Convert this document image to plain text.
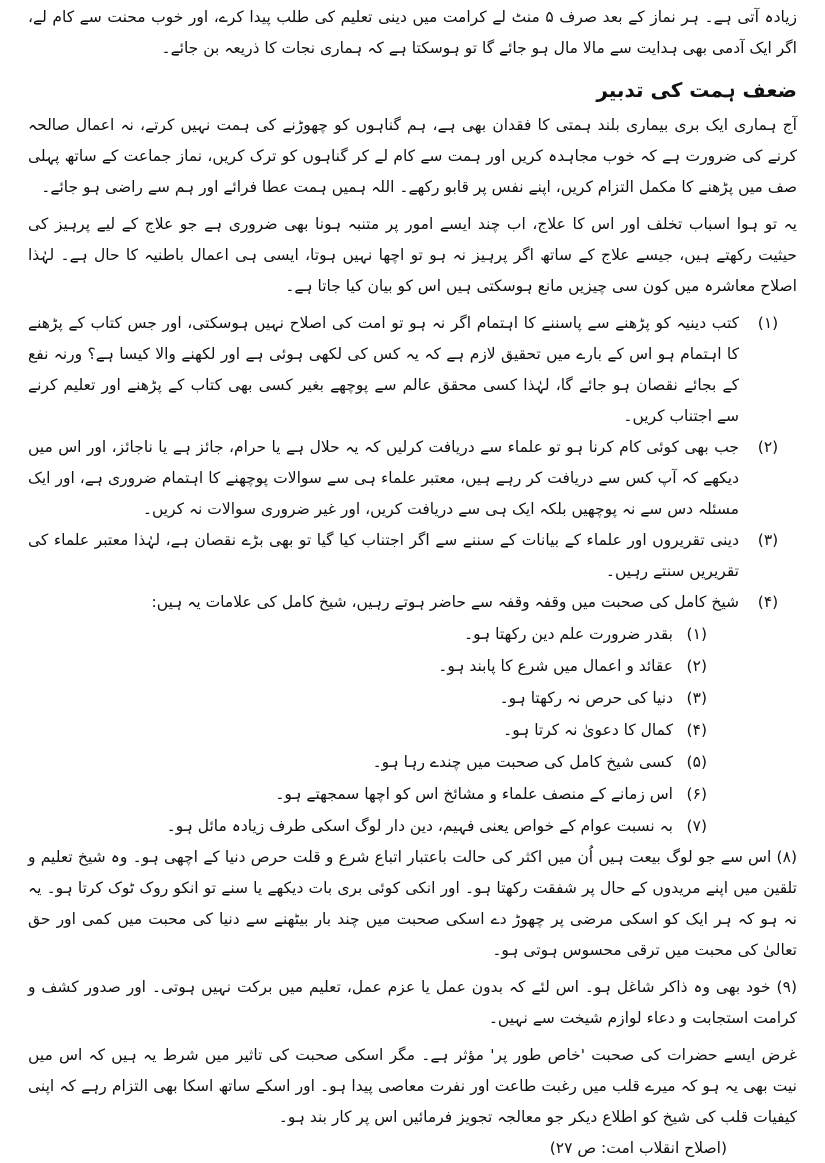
زیادہ آتی ہے۔ ہر نماز کے بعد صرف ۵ منٹ لے کرامت میں دینی تعلیم کی طلب پیدا کرے، اور خوب محنت سے کام لے، اگر ایک آدمی بھی ہدایت سے مالا مال ہو جائے گا تو ہوسکتا ہے کہ ہماری نجات کا ذریعہ بن جائے۔

ضعف ہمت کی تدبیر

آج ہماری ایک بری بیماری بلند ہمتی کا فقدان بھی ہے، ہم گناہوں کو چھوڑنے کی ہمت نہیں کرتے، نہ اعمال صالحہ کرنے کی ضرورت ہے کہ خوب مجاہدہ کریں اور ہمت سے کام لے کر گناہوں کو ترک کریں، نماز جماعت کے ساتھ پہلی صف میں پڑھنے کا مکمل التزام کریں، اپنے نفس پر قابو رکھے۔ اللہ ہمیں ہمت عطا فرائے اور ہم سے راضی ہو جائے۔

یہ تو ہوا اسباب تخلف اور اس کا علاج، اب چند ایسے امور پر متنبہ ہونا بھی ضروری ہے جو علاج کے لیے پرہیز کی حیثیت رکھتے ہیں، جیسے علاج کے ساتھ اگر پرہیز نہ ہو تو اچھا نہیں ہوتا، ایسی ہی اعمال باطنیہ کا حال ہے۔ لہٰذا اصلاح معاشرہ میں کون سی چیزیں مانع ہوسکتی ہیں اس کو بیان کیا جاتا ہے۔

(۱)
کتب دینیہ کو پڑھنے سے پاسننے کا اہتمام اگر نہ ہو تو امت کی اصلاح نہیں ہوسکتی، اور جس کتاب کے پڑھنے کا اہتمام ہو اس کے بارے میں تحقیق لازم ہے کہ یہ کس کی لکھی ہوئی ہے اور لکھنے والا کیسا ہے؟ ورنہ نفع کے بجائے نقصان ہو جائے گا، لہٰذا کسی محقق عالم سے پوچھے بغیر کسی بھی کتاب کے پڑھنے اور تعلیم کرنے سے اجتناب کریں۔
(۲)
جب بھی کوئی کام کرنا ہو تو علماء سے دریافت کرلیں کہ یہ حلال ہے یا حرام، جائز ہے یا ناجائز، اور اس میں دیکھے کہ آپ کس سے دریافت کر رہے ہیں، معتبر علماء ہی سے سوالات پوچھنے کا اہتمام ضروری ہے، اور ایک مسئلہ دس سے نہ پوچھیں بلکہ ایک ہی سے دریافت کریں، اور غیر ضروری سوالات نہ کریں۔
(۳)
دینی تقریروں اور علماء کے بیانات کے سننے سے اگر اجتناب کیا گیا تو بھی بڑے نقصان ہے، لہٰذا معتبر علماء کی تقریریں سنتے رہیں۔
(۴)
شیخ کامل کی صحبت میں وقفہ وقفہ سے حاضر ہوتے رہیں، شیخ کامل کی علامات یہ ہیں:
(۱)بقدر ضرورت علم دین رکھتا ہو۔
(۲)عقائد و اعمال میں شرع کا پابند ہو۔
(۳)دنیا کی حرص نہ رکھتا ہو۔
(۴)کمال کا دعویٰ نہ کرتا ہو۔
(۵)کسی شیخ کامل کی صحبت میں چندے رہا ہو۔
(۶)اس زمانے کے منصف علماء و مشائخ اس کو اچھا سمجھتے ہو۔
(۷)بہ نسبت عوام کے خواص یعنی فہیم، دین دار لوگ اسکی طرف زیادہ مائل ہو۔

(۸) اس سے جو لوگ بیعت ہیں اُن میں اکثر کی حالت باعتبار اتباع شرع و قلت حرص دنیا کے اچھی ہو۔ وہ شیخ تعلیم و تلقین میں اپنے مریدوں کے حال پر شفقت رکھتا ہو۔ اور انکی کوئی بری بات دیکھے یا سنے تو انکو روک ٹوک کرتا ہو۔ یہ نہ ہو کہ ہر ایک کو اسکی مرضی پر چھوڑ دے اسکی صحبت میں چند بار بیٹھنے سے دنیا کی محبت میں کمی اور حق تعالیٰ کی محبت میں ترقی محسوس ہوتی ہو۔

(۹) خود بھی وہ ذاکر شاغل ہو۔ اس لئے کہ بدون عمل یا عزم عمل، تعلیم میں برکت نہیں ہوتی۔ اور صدور کشف و کرامت استجابت و دعاء لوازم شیخت سے نہیں۔

غرض ایسے حضرات کی صحبت 'خاص طور پر' مؤثر ہے۔ مگر اسکی صحبت کی تاثیر میں شرط یہ ہیں کہ اس میں نیت بھی یہ ہو کہ میرے قلب میں رغبت طاعت اور نفرت معاصی پیدا ہو۔ اور اسکے ساتھ اسکا بھی التزام رہے کہ اپنی کیفیات قلب کی شیخ کو اطلاع دیکر جو معالجہ تجویز فرمائیں اس پر کار بند ہو۔

(اصلاح انقلاب امت: ص ۲۷)
